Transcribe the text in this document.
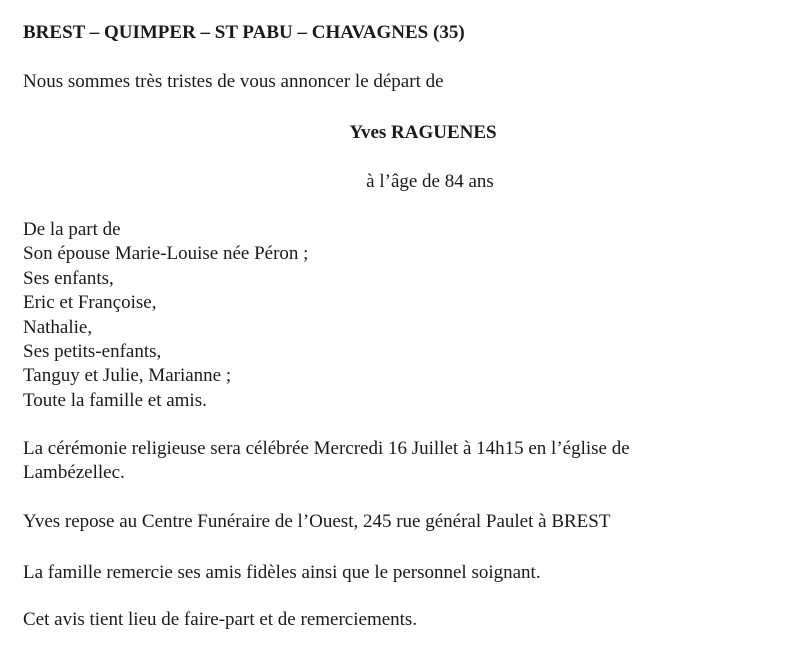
BREST – QUIMPER – ST PABU – CHAVAGNES (35)
Nous sommes très tristes de vous annoncer le départ de
Yves RAGUENES
à l’âge de 84 ans
De la part de
Son épouse Marie-Louise née Péron ;
Ses enfants,
Eric et Françoise,
Nathalie,
Ses petits-enfants,
Tanguy et Julie, Marianne ;
Toute la famille et amis.
La cérémonie religieuse sera célébrée Mercredi 16 Juillet à 14h15 en l’église de
Lambézellec.
Yves repose au Centre Funéraire de l’Ouest, 245 rue général Paulet à BREST
La famille remercie ses amis fidèles ainsi que le personnel soignant.
Cet avis tient lieu de faire-part et de remerciements.
